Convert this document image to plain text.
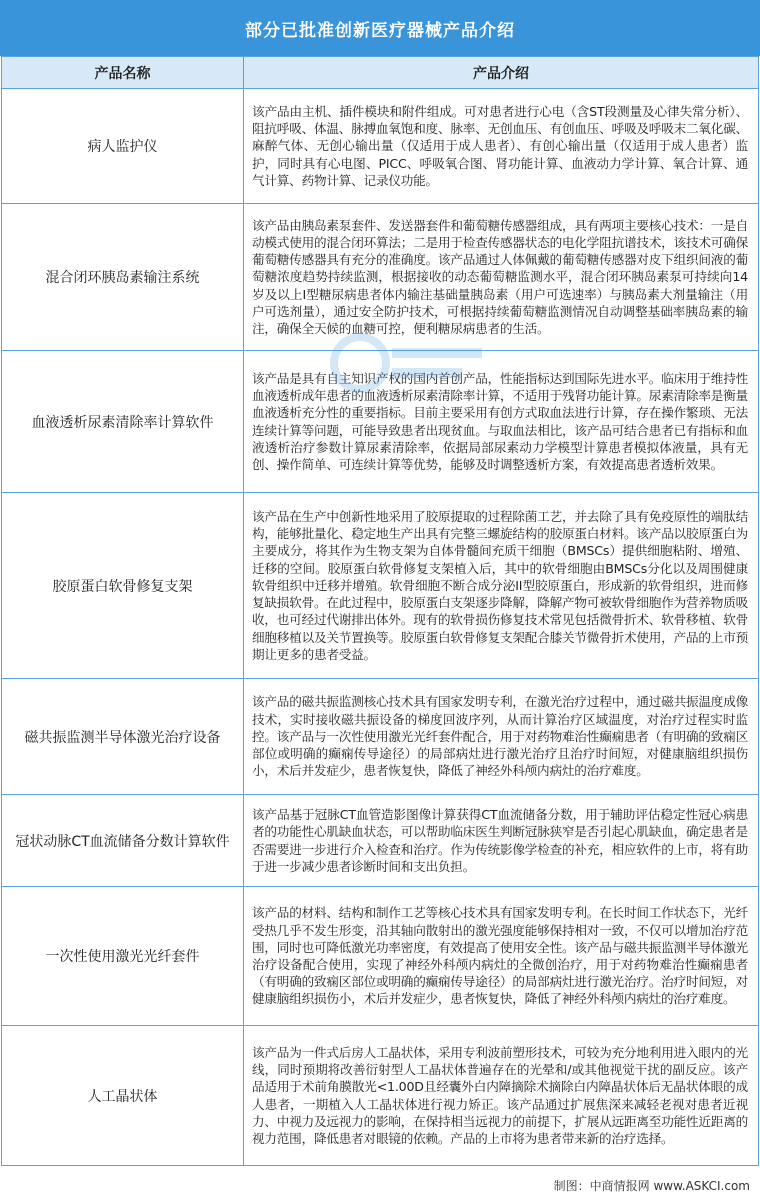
部分已批准创新医疗器械产品介绍
产品名称	产品介绍
病人监护仪	该产品由主机、插件模块和附件组成。可对患者进行心电（含ST段测量及心律失常分析）、阻抗呼吸、体温、脉搏血氧饱和度、脉率、无创血压、有创血压、呼吸及呼吸末二氧化碳、麻醉气体、无创心输出量（仅适用于成人患者）、有创心输出量（仅适用于成人患者）监护，同时具有心电图、PICC、呼吸氧合图、肾功能计算、血液动力学计算、氧合计算、通气计算、药物计算、记录仪功能。
混合闭环胰岛素输注系统	该产品由胰岛素泵套件、发送器套件和葡萄糖传感器组成，具有两项主要核心技术：一是自动模式使用的混合闭环算法；二是用于检查传感器状态的电化学阻抗谱技术，该技术可确保葡萄糖传感器具有充分的准确度。该产品通过人体佩戴的葡萄糖传感器对皮下组织间液的葡萄糖浓度趋势持续监测，根据接收的动态葡萄糖监测水平，混合闭环胰岛素泵可持续向14岁及以上I型糖尿病患者体内输注基础量胰岛素（用户可选速率）与胰岛素大剂量输注（用户可选剂量），通过安全防护技术，可根据持续葡萄糖监测情况自动调整基础率胰岛素的输注，确保全天候的血糖可控，便利糖尿病患者的生活。
血液透析尿素清除率计算软件	该产品是具有自主知识产权的国内首创产品，性能指标达到国际先进水平。临床用于维持性血液透析成年患者的血液透析尿素清除率计算，不适用于残肾功能计算。尿素清除率是衡量血液透析充分性的重要指标。目前主要采用有创方式取血法进行计算，存在操作繁琐、无法连续计算等问题，可能导致患者出现贫血。与取血法相比，该产品可结合患者已有指标和血液透析治疗参数计算尿素清除率，依据局部尿素动力学模型计算患者模拟体液量，具有无创、操作简单、可连续计算等优势，能够及时调整透析方案，有效提高患者透析效果。
胶原蛋白软骨修复支架	该产品在生产中创新性地采用了胶原提取的过程除菌工艺，并去除了具有免疫原性的端肽结构，能够批量化、稳定地生产出具有完整三螺旋结构的胶原蛋白材料。该产品以胶原蛋白为主要成分，将其作为生物支架为自体骨髓间充质干细胞（BMSCs）提供细胞粘附、增殖、迁移的空间。胶原蛋白软骨修复支架植入后，其中的软骨细胞由BMSCs分化以及周围健康软骨组织中迁移并增殖。软骨细胞不断合成分泌II型胶原蛋白，形成新的软骨组织，进而修复缺损软骨。在此过程中，胶原蛋白支架逐步降解，降解产物可被软骨细胞作为营养物质吸收，也可经过代谢排出体外。现有的软骨损伤修复技术常见包括微骨折术、软骨移植、软骨细胞移植以及关节置换等。胶原蛋白软骨修复支架配合膝关节微骨折术使用，产品的上市预期让更多的患者受益。
磁共振监测半导体激光治疗设备	该产品的磁共振监测核心技术具有国家发明专利，在激光治疗过程中，通过磁共振温度成像技术，实时接收磁共振设备的梯度回波序列，从而计算治疗区域温度，对治疗过程实时监控。该产品与一次性使用激光光纤套件配合，用于对药物难治性癫痫患者（有明确的致痫区部位或明确的癫痫传导途径）的局部病灶进行激光治疗且治疗时间短，对健康脑组织损伤小，术后并发症少，患者恢复快，降低了神经外科颅内病灶的治疗难度。
冠状动脉CT血流储备分数计算软件	该产品基于冠脉CT血管造影图像计算获得CT血流储备分数，用于辅助评估稳定性冠心病患者的功能性心肌缺血状态，可以帮助临床医生判断冠脉狭窄是否引起心肌缺血，确定患者是否需要进一步进行介入检查和治疗。作为传统影像学检查的补充，相应软件的上市，将有助于进一步减少患者诊断时间和支出负担。
一次性使用激光光纤套件	该产品的材料、结构和制作工艺等核心技术具有国家发明专利。在长时间工作状态下，光纤受热几乎不发生形变，沿其轴向散射出的激光强度能够保持相对一致，不仅可以增加治疗范围，同时也可降低激光功率密度，有效提高了使用安全性。该产品与磁共振监测半导体激光治疗设备配合使用，实现了神经外科颅内病灶的全微创治疗，用于对药物难治性癫痫患者（有明确的致痫区部位或明确的癫痫传导途径）的局部病灶进行激光治疗。治疗时间短，对健康脑组织损伤小，术后并发症少，患者恢复快，降低了神经外科颅内病灶的治疗难度。
人工晶状体	该产品为一件式后房人工晶状体，采用专利波前塑形技术，可较为充分地利用进入眼内的光线，同时预期将改善衍射型人工晶状体普遍存在的光晕和/或其他视觉干扰的副反应。该产品适用于术前角膜散光<1.00D且经囊外白内障摘除术摘除白内障晶状体后无晶状体眼的成人患者，一期植入人工晶状体进行视力矫正。该产品通过扩展焦深来减轻老视对患者近视力、中视力及远视力的影响，在保持相当远视力的前提下，扩展从远距离至功能性近距离的视力范围，降低患者对眼镜的依赖。产品的上市将为患者带来新的治疗选择。
制图：中商情报网 www.ASKCI.com
